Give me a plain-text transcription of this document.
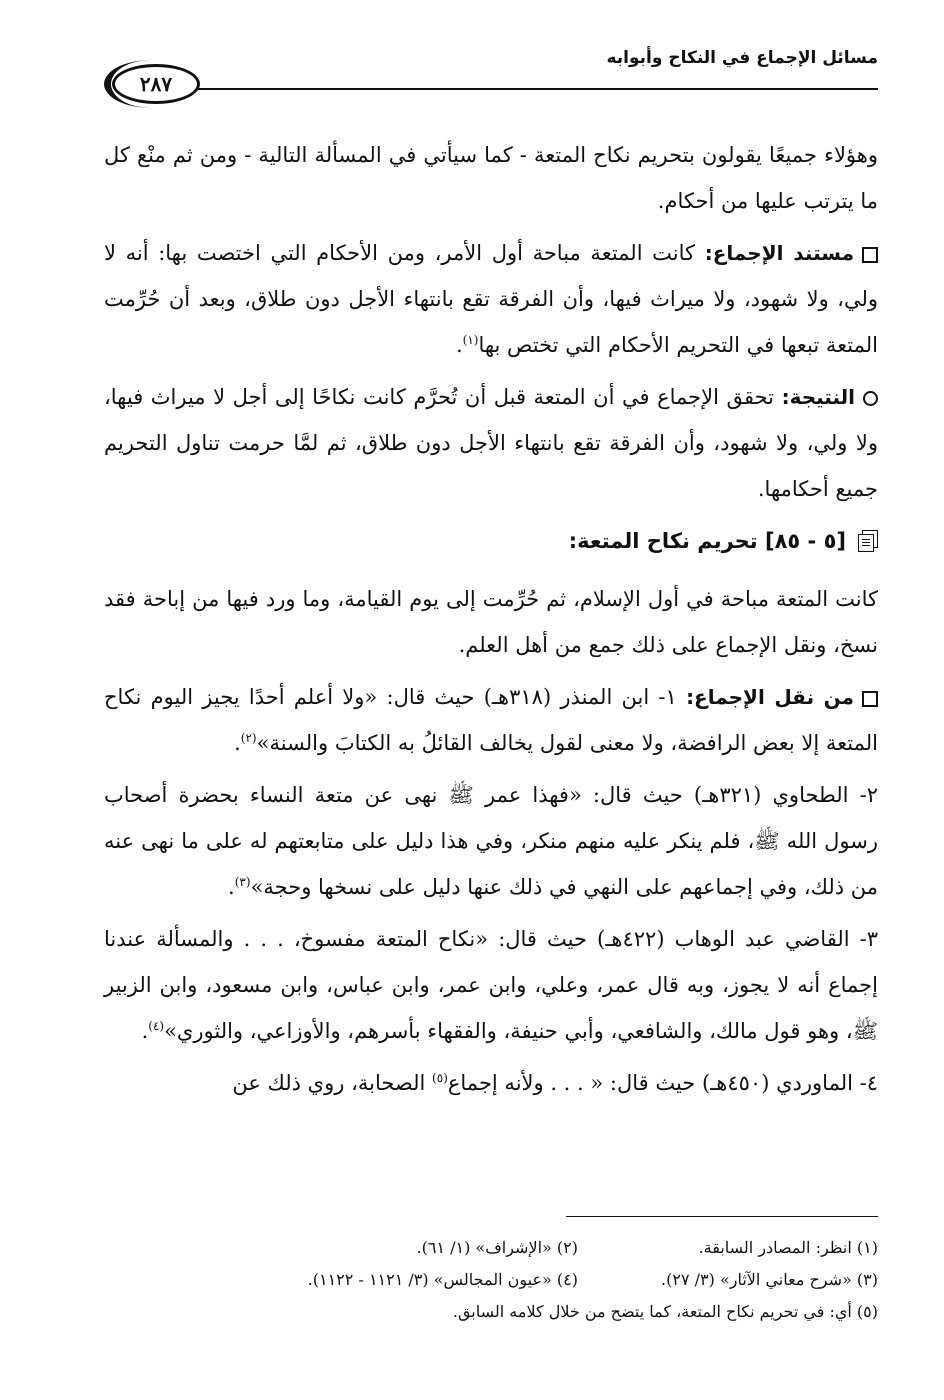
مسائل الإجماع في النكاح وأبوابه
٢٨٧

وهؤلاء جميعًا يقولون بتحريم نكاح المتعة - كما سيأتي في المسألة التالية - ومن ثم منْع كل ما يترتب عليها من أحكام.

مستند الإجماع: كانت المتعة مباحة أول الأمر، ومن الأحكام التي اختصت بها: أنه لا ولي، ولا شهود، ولا ميراث فيها، وأن الفرقة تقع بانتهاء الأجل دون طلاق، وبعد أن حُرِّمت المتعة تبعها في التحريم الأحكام التي تختص بها$^{(١)}$.

النتيجة: تحقق الإجماع في أن المتعة قبل أن تُحرَّم كانت نكاحًا إلى أجل لا ميراث فيها، ولا ولي، ولا شهود، وأن الفرقة تقع بانتهاء الأجل دون طلاق، ثم لمَّا حرمت تناول التحريم جميع أحكامها.

[٥ - ٨٥] تحريم نكاح المتعة:

كانت المتعة مباحة في أول الإسلام، ثم حُرِّمت إلى يوم القيامة، وما ورد فيها من إباحة فقد نسخ، ونقل الإجماع على ذلك جمع من أهل العلم.

من نقل الإجماع: ١- ابن المنذر (٣١٨هـ) حيث قال: «ولا أعلم أحدًا يجيز اليوم نكاح المتعة إلا بعض الرافضة، ولا معنى لقول يخالف القائلُ به الكتابَ والسنة»$^{(٢)}$.

٢- الطحاوي (٣٢١هـ) حيث قال: «فهذا عمر ﷺ نهى عن متعة النساء بحضرة أصحاب رسول الله ﷺ، فلم ينكر عليه منهم منكر، وفي هذا دليل على متابعتهم له على ما نهى عنه من ذلك، وفي إجماعهم على النهي في ذلك عنها دليل على نسخها وحجة»$^{(٣)}$.

٣- القاضي عبد الوهاب (٤٢٢هـ) حيث قال: «نكاح المتعة مفسوخ، . . . والمسألة عندنا إجماع أنه لا يجوز، وبه قال عمر، وعلي، وابن عمر، وابن عباس، وابن مسعود، وابن الزبير ﷺ، وهو قول مالك، والشافعي، وأبي حنيفة، والفقهاء بأسرهم، والأوزاعي، والثوري»$^{(٤)}$.

٤- الماوردي (٤٥٠هـ) حيث قال: « . . . ولأنه إجماع$^{(٥)}$ الصحابة، روي ذلك عن

(١) انظر: المصادر السابقة.
(٢) «الإشراف» (١/ ٦١).
(٣) «شرح معاني الآثار» (٣/ ٢٧).
(٤) «عيون المجالس» (٣/ ١١٢١ - ١١٢٢).
(٥) أي: في تحريم نكاح المتعة، كما يتضح من خلال كلامه السابق.
